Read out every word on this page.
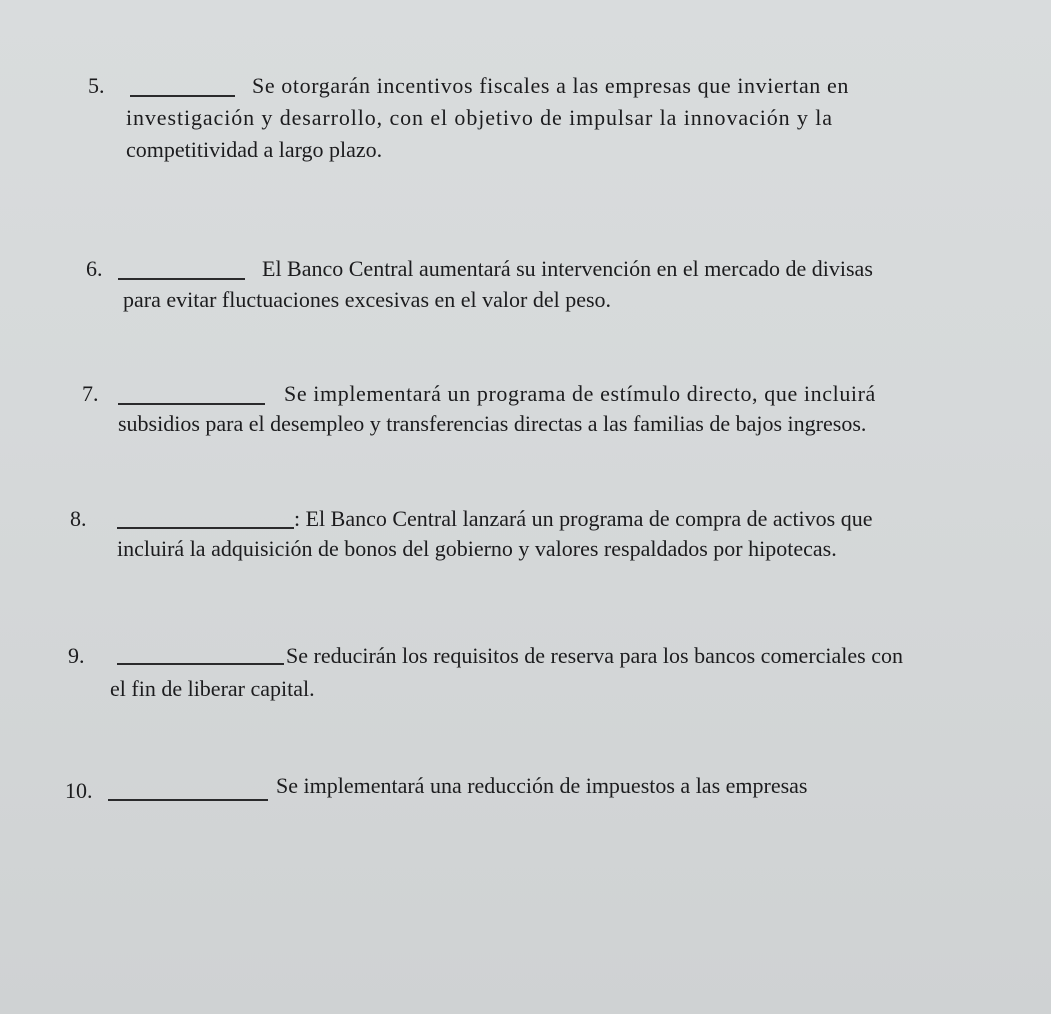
5.	Se otorgarán incentivos fiscales a las empresas que inviertan en
investigación y desarrollo, con el objetivo de impulsar la innovación y la
competitividad a largo plazo.
6.	El Banco Central aumentará su intervención en el mercado de divisas
para evitar fluctuaciones excesivas en el valor del peso.
7.	Se implementará un programa de estímulo directo, que incluirá
subsidios para el desempleo y transferencias directas a las familias de bajos ingresos.
8.	: El Banco Central lanzará un programa de compra de activos que
incluirá la adquisición de bonos del gobierno y valores respaldados por hipotecas.
9.	Se reducirán los requisitos de reserva para los bancos comerciales con
el fin de liberar capital.
10.	Se implementará una reducción de impuestos a las empresas
